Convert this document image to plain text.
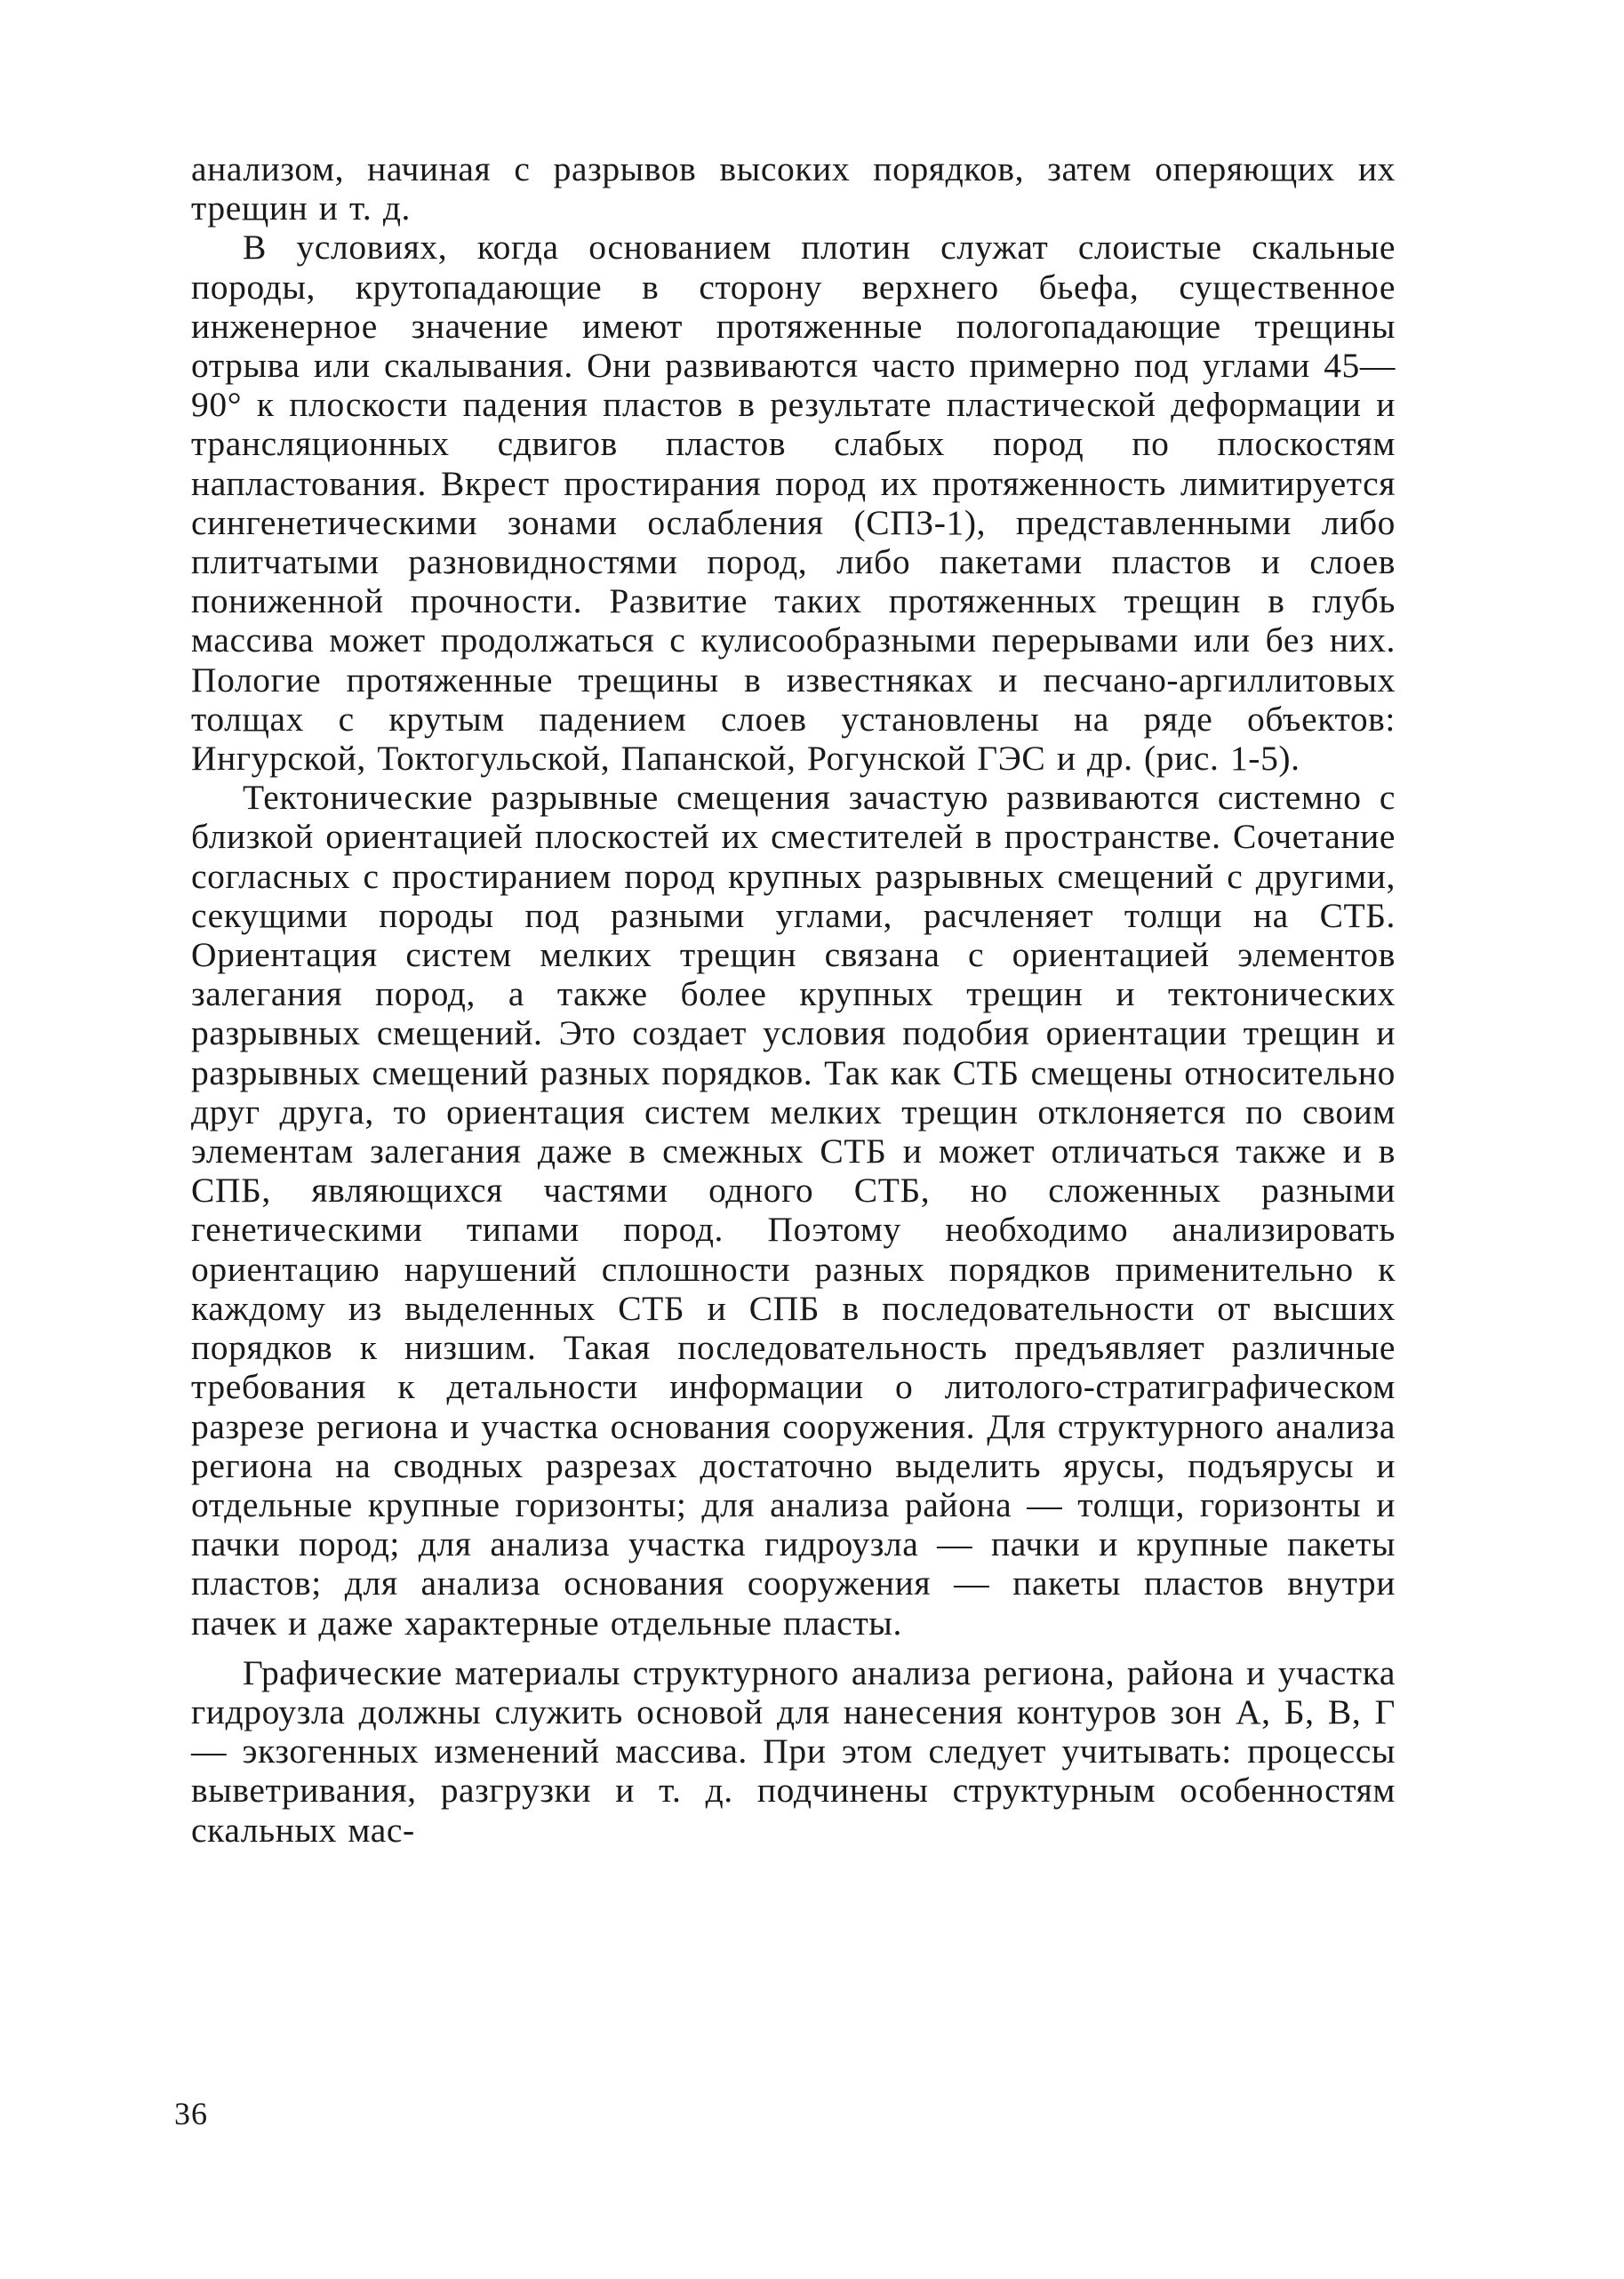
анализом, начиная с разрывов высоких порядков, затем оперяющих их трещин и т. д.

В условиях, когда основанием плотин служат слоистые скальные породы, крутопадающие в сторону верхнего бьефа, существенное инженерное значение имеют протяженные пологопадающие трещины отрыва или скалывания. Они развиваются часто примерно под углами 45—90° к плоскости падения пластов в результате пластической деформации и трансляционных сдвигов пластов слабых пород по плоскостям напластования. Вкрест простирания пород их протяженность лимитируется сингенетическими зонами ослабления (СПЗ-1), представленными либо плитчатыми разновидностями пород, либо пакетами пластов и слоев пониженной прочности. Развитие таких протяженных трещин в глубь массива может продолжаться с кулисообразными перерывами или без них. Пологие протяженные трещины в известняках и песчано-аргиллитовых толщах с крутым падением слоев установлены на ряде объектов: Ингурской, Токтогульской, Папанской, Рогунской ГЭС и др. (рис. 1-5).

Тектонические разрывные смещения зачастую развиваются системно с близкой ориентацией плоскостей их сместителей в пространстве. Сочетание согласных с простиранием пород крупных разрывных смещений с другими, секущими породы под разными углами, расчленяет толщи на СТБ. Ориентация систем мелких трещин связана с ориентацией элементов залегания пород, а также более крупных трещин и тектонических разрывных смещений. Это создает условия подобия ориентации трещин и разрывных смещений разных порядков. Так как СТБ смещены относительно друг друга, то ориентация систем мелких трещин отклоняется по своим элементам залегания даже в смежных СТБ и может отличаться также и в СПБ, являющихся частями одного СТБ, но сложенных разными генетическими типами пород. Поэтому необходимо анализировать ориентацию нарушений сплошности разных порядков применительно к каждому из выделенных СТБ и СПБ в последовательности от высших порядков к низшим. Такая последовательность предъявляет различные требования к детальности информации о литолого-стратиграфическом разрезе региона и участка основания сооружения. Для структурного анализа региона на сводных разрезах достаточно выделить ярусы, подъярусы и отдельные крупные горизонты; для анализа района — толщи, горизонты и пачки пород; для анализа участка гидроузла — пачки и крупные пакеты пластов; для анализа основания сооружения — пакеты пластов внутри пачек и даже характерные отдельные пласты.

Графические материалы структурного анализа региона, района и участка гидроузла должны служить основой для нанесения контуров зон А, Б, В, Г — экзогенных изменений массива. При этом следует учитывать: процессы выветривания, разгрузки и т. д. подчинены структурным особенностям скальных мас-

36
